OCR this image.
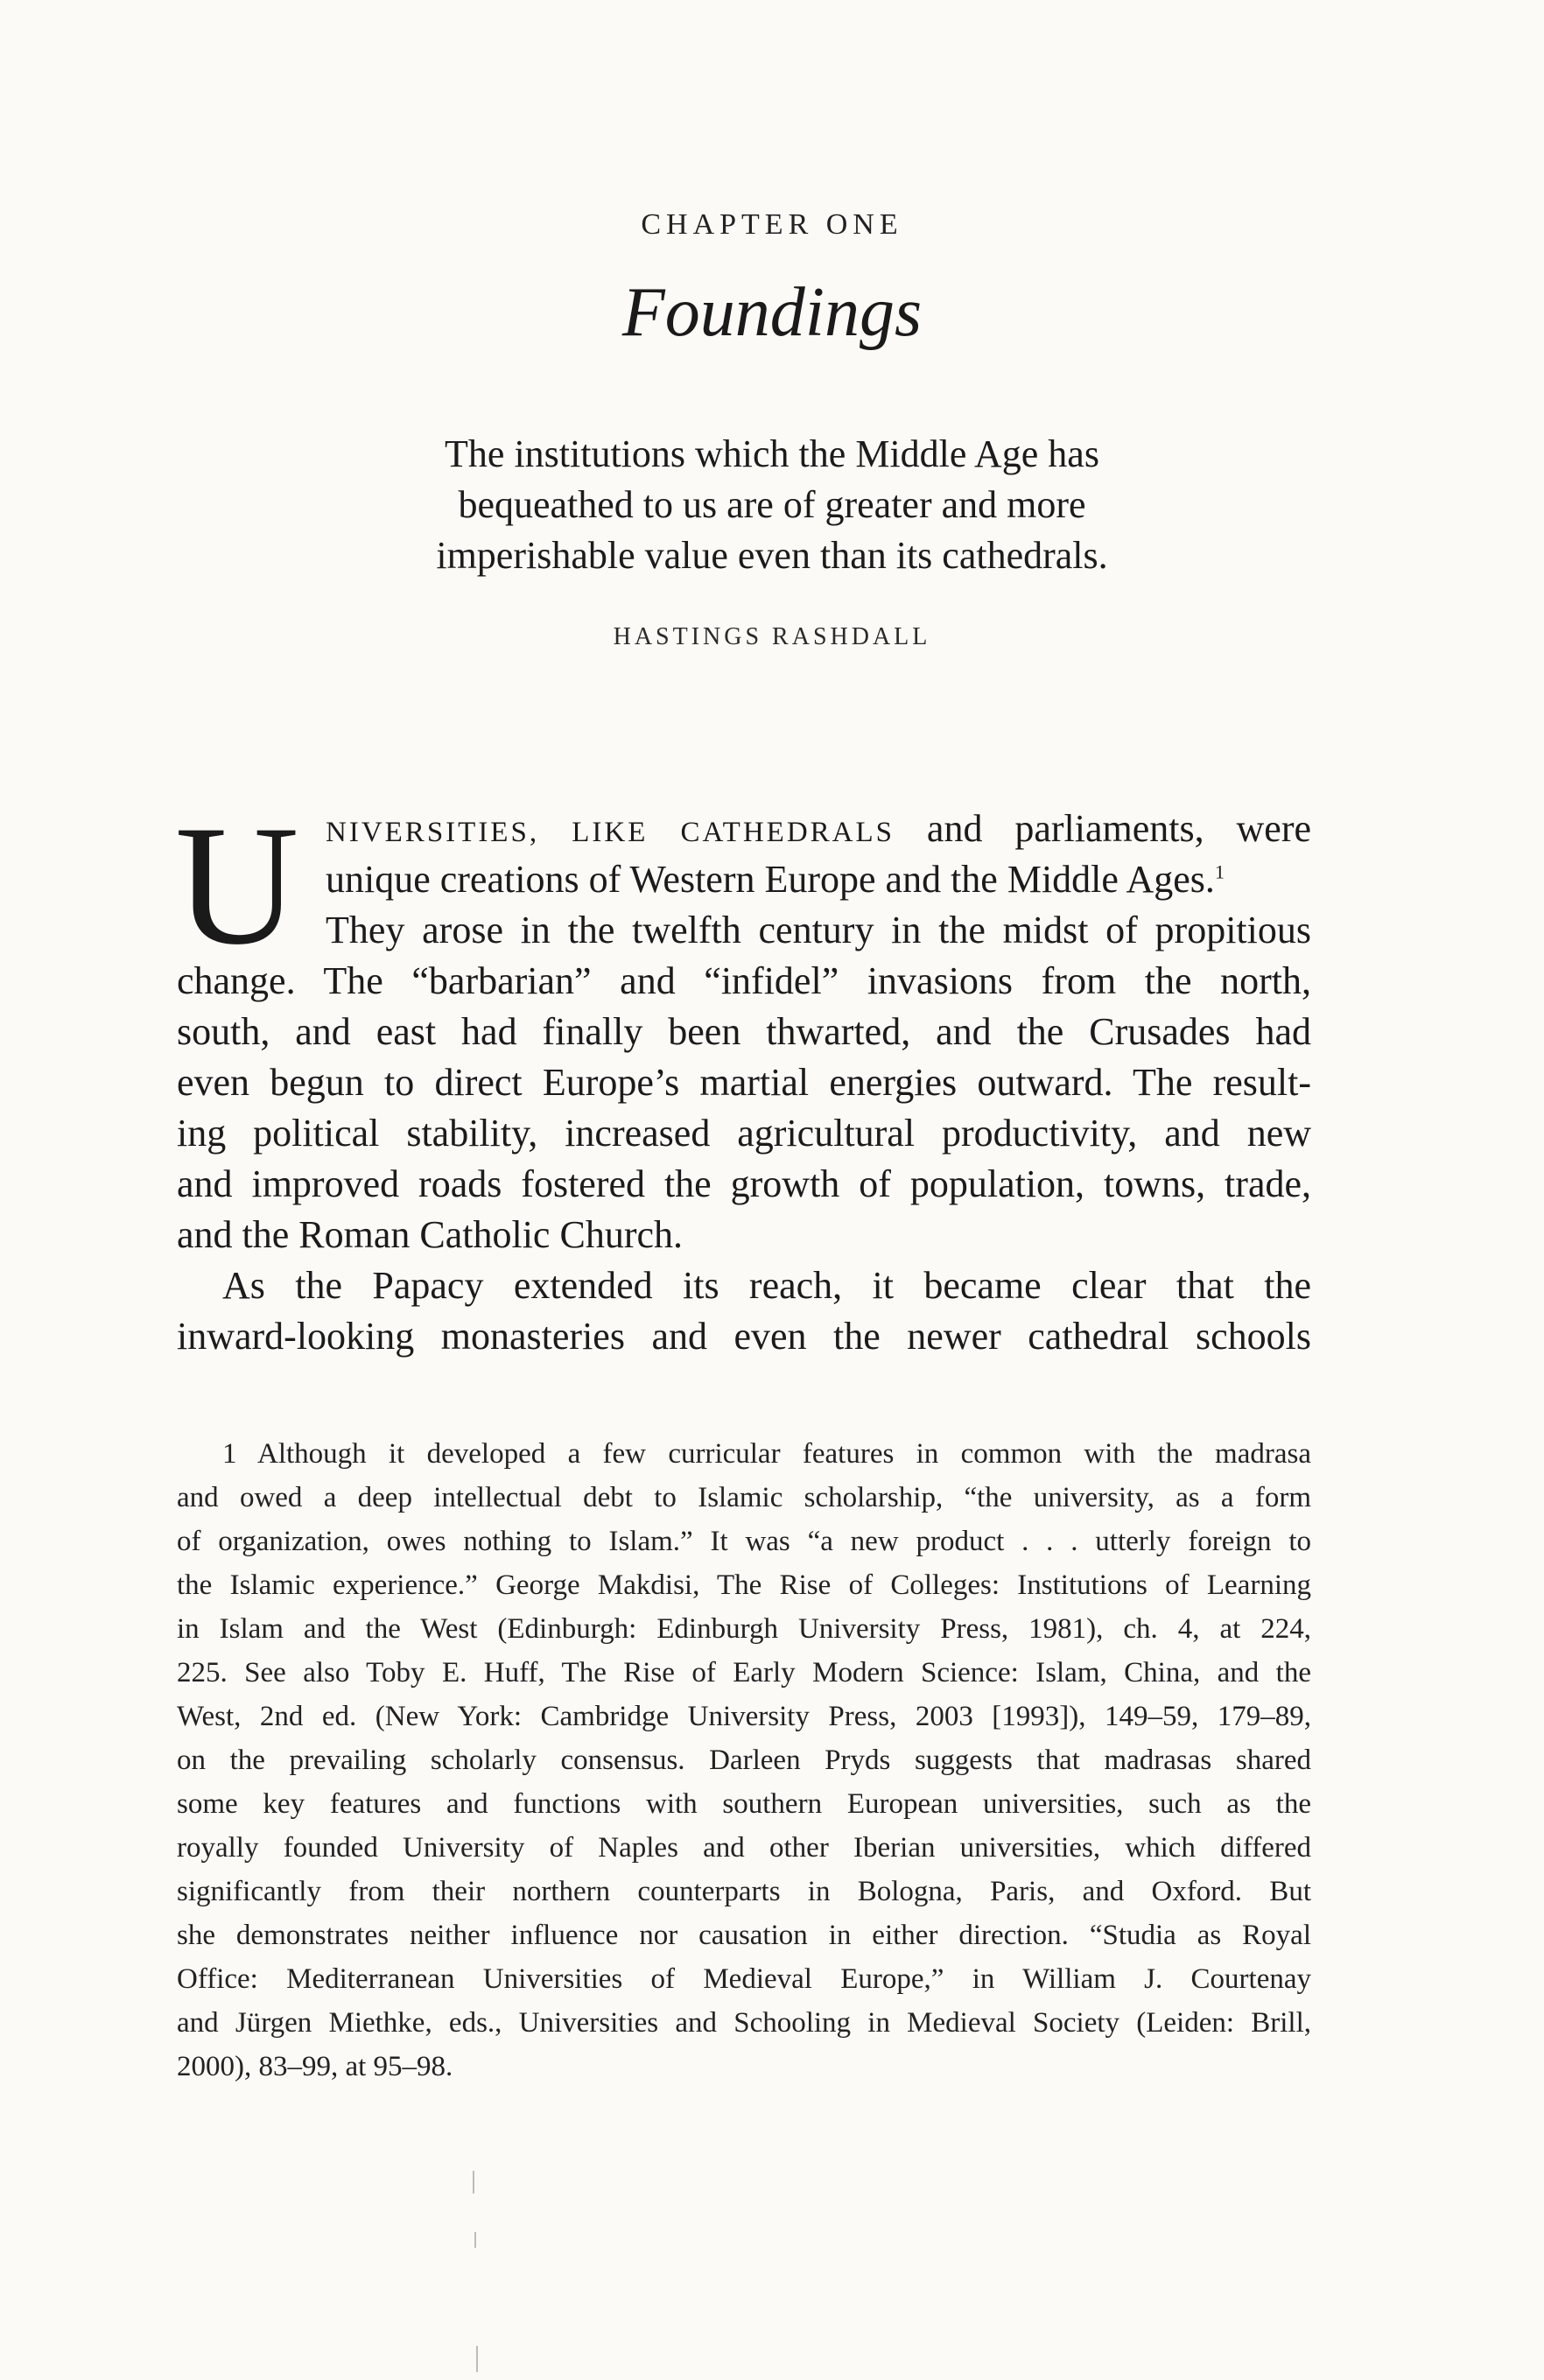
CHAPTER ONE
Foundings
The institutions which the Middle Age has
bequeathed to us are of greater and more
imperishable value even than its cathedrals.
HASTINGS RASHDALL
U NIVERSITIES, LIKE CATHEDRALS and parliaments, were
unique creations of Western Europe and the Middle Ages.$^1$
They arose in the twelfth century in the midst of propitious
change. The “barbarian” and “infidel” invasions from the north,
south, and east had finally been thwarted, and the Crusades had
even begun to direct Europe’s martial energies outward. The result-
ing political stability, increased agricultural productivity, and new
and improved roads fostered the growth of population, towns, trade,
and the Roman Catholic Church.
As the Papacy extended its reach, it became clear that the
inward-looking monasteries and even the newer cathedral schools
1 Although it developed a few curricular features in common with the madrasa
and owed a deep intellectual debt to Islamic scholarship, “the university, as a form
of organization, owes nothing to Islam.” It was “a new product . . . utterly foreign to
the Islamic experience.” George Makdisi, The Rise of Colleges: Institutions of Learning
in Islam and the West (Edinburgh: Edinburgh University Press, 1981), ch. 4, at 224,
225. See also Toby E. Huff, The Rise of Early Modern Science: Islam, China, and the
West, 2nd ed. (New York: Cambridge University Press, 2003 [1993]), 149–59, 179–89,
on the prevailing scholarly consensus. Darleen Pryds suggests that madrasas shared
some key features and functions with southern European universities, such as the
royally founded University of Naples and other Iberian universities, which differed
significantly from their northern counterparts in Bologna, Paris, and Oxford. But
she demonstrates neither influence nor causation in either direction. “Studia as Royal
Office: Mediterranean Universities of Medieval Europe,” in William J. Courtenay
and Jürgen Miethke, eds., Universities and Schooling in Medieval Society (Leiden: Brill,
2000), 83–99, at 95–98.
